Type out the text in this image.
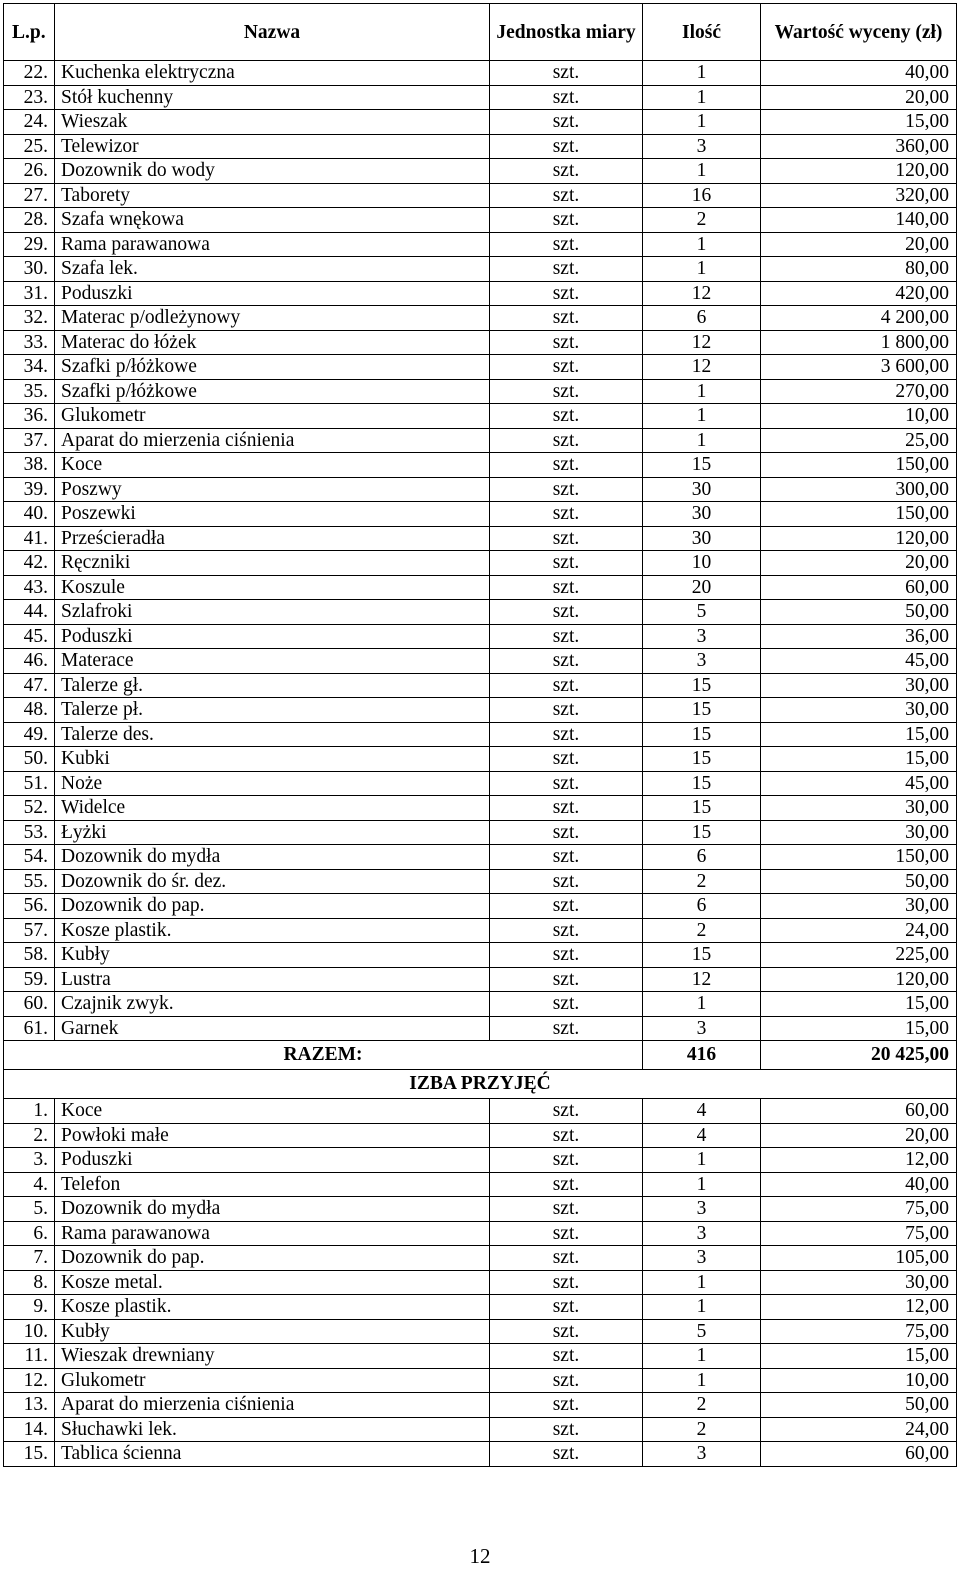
L.p.	Nazwa	Jednostka miary	Ilość	Wartość wyceny (zł)
22.	Kuchenka elektryczna	szt.	1	40,00
23.	Stół kuchenny	szt.	1	20,00
24.	Wieszak	szt.	1	15,00
25.	Telewizor	szt.	3	360,00
26.	Dozownik do wody	szt.	1	120,00
27.	Taborety	szt.	16	320,00
28.	Szafa wnękowa	szt.	2	140,00
29.	Rama parawanowa	szt.	1	20,00
30.	Szafa lek.	szt.	1	80,00
31.	Poduszki	szt.	12	420,00
32.	Materac p/odleżynowy	szt.	6	4 200,00
33.	Materac do łóżek	szt.	12	1 800,00
34.	Szafki p/łóżkowe	szt.	12	3 600,00
35.	Szafki p/łóżkowe	szt.	1	270,00
36.	Glukometr	szt.	1	10,00
37.	Aparat do mierzenia ciśnienia	szt.	1	25,00
38.	Koce	szt.	15	150,00
39.	Poszwy	szt.	30	300,00
40.	Poszewki	szt.	30	150,00
41.	Prześcieradła	szt.	30	120,00
42.	Ręczniki	szt.	10	20,00
43.	Koszule	szt.	20	60,00
44.	Szlafroki	szt.	5	50,00
45.	Poduszki	szt.	3	36,00
46.	Materace	szt.	3	45,00
47.	Talerze gł.	szt.	15	30,00
48.	Talerze pł.	szt.	15	30,00
49.	Talerze des.	szt.	15	15,00
50.	Kubki	szt.	15	15,00
51.	Noże	szt.	15	45,00
52.	Widelce	szt.	15	30,00
53.	Łyżki	szt.	15	30,00
54.	Dozownik do mydła	szt.	6	150,00
55.	Dozownik do śr. dez.	szt.	2	50,00
56.	Dozownik do pap.	szt.	6	30,00
57.	Kosze plastik.	szt.	2	24,00
58.	Kubły	szt.	15	225,00
59.	Lustra	szt.	12	120,00
60.	Czajnik zwyk.	szt.	1	15,00
61.	Garnek	szt.	3	15,00
RAZEM:			416	20 425,00
IZBA PRZYJĘĆ				
1.	Koce	szt.	4	60,00
2.	Powłoki małe	szt.	4	20,00
3.	Poduszki	szt.	1	12,00
4.	Telefon	szt.	1	40,00
5.	Dozownik do mydła	szt.	3	75,00
6.	Rama parawanowa	szt.	3	75,00
7.	Dozownik do pap.	szt.	3	105,00
8.	Kosze metal.	szt.	1	30,00
9.	Kosze plastik.	szt.	1	12,00
10.	Kubły	szt.	5	75,00
11.	Wieszak drewniany	szt.	1	15,00
12.	Glukometr	szt.	1	10,00
13.	Aparat do mierzenia ciśnienia	szt.	2	50,00
14.	Słuchawki lek.	szt.	2	24,00
15.	Tablica ścienna	szt.	3	60,00
12
